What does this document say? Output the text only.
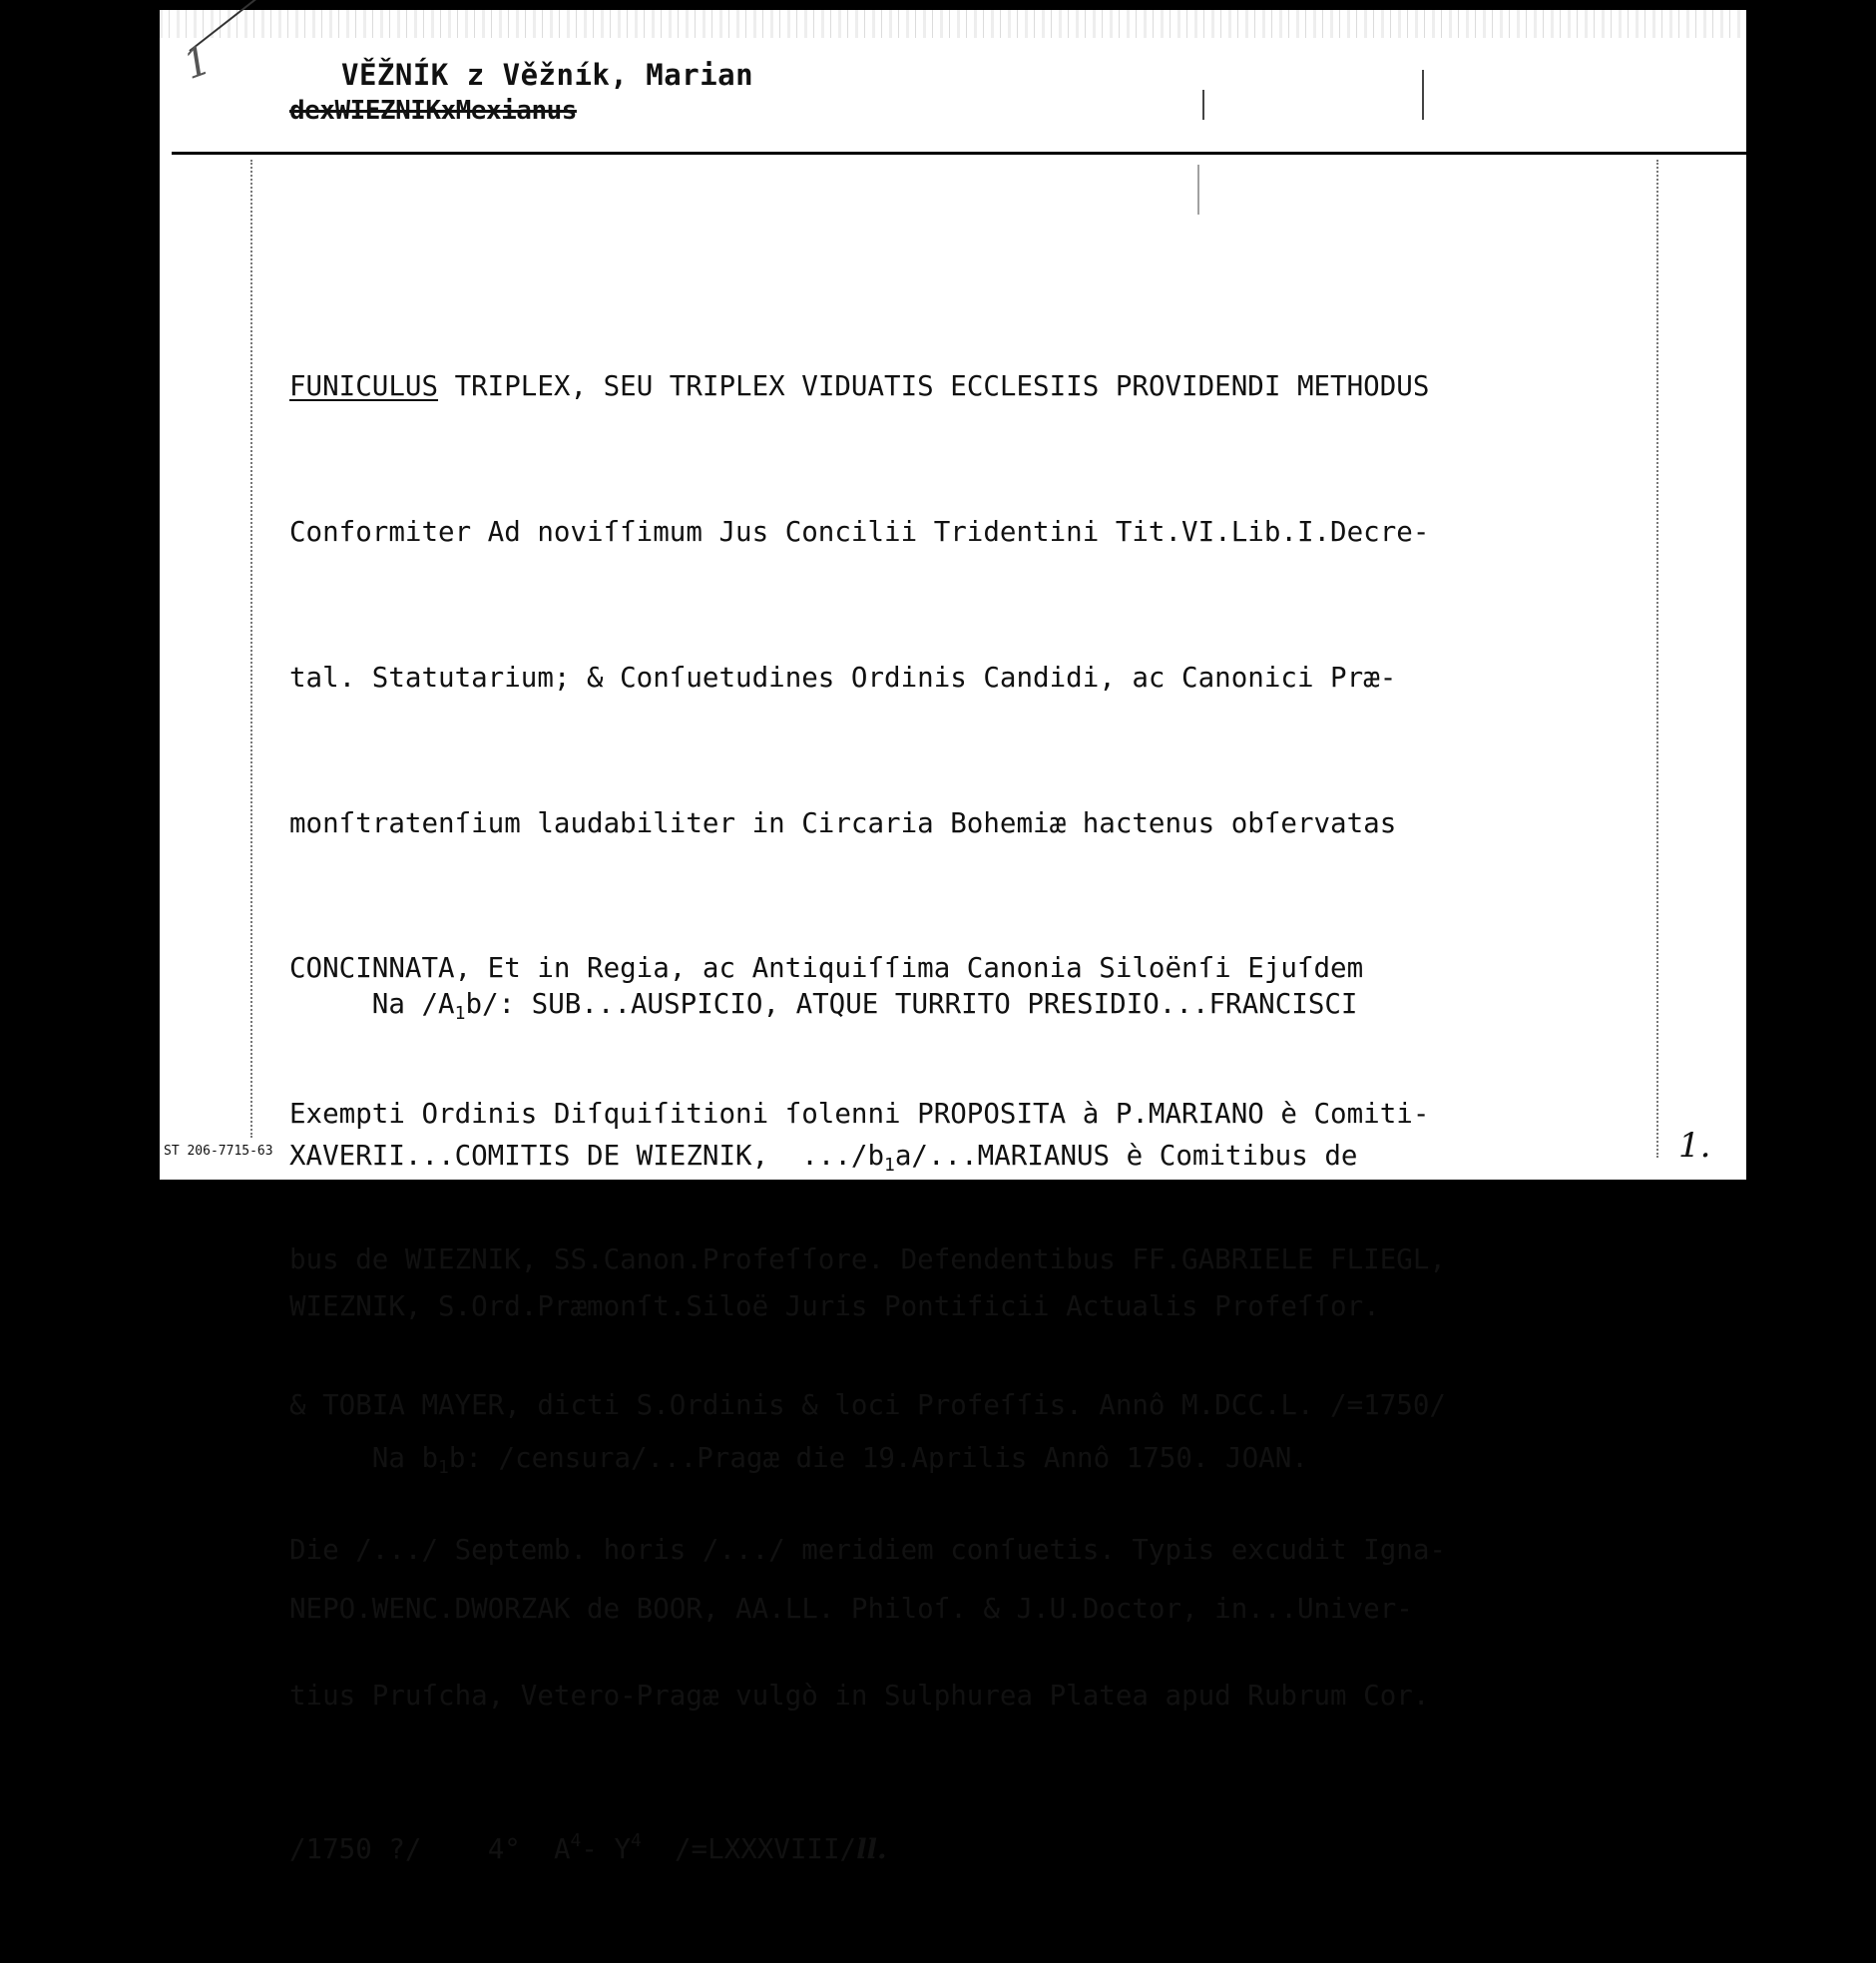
1	VĚŽNÍK z Věžník, Marian
dexWIEZNIKxMexianus

FUNICULUS TRIPLEX, SEU TRIPLEX VIDUATIS ECCLESIIS PROVIDENDI METHODUS

Conformiter Ad noviſſimum Jus Concilii Tridentini Tit.VI.Lib.I.Decre-

tal. Statutarium; & Conſuetudines Ordinis Candidi, ac Canonici Præ-

monſtratenſium laudabiliter in Circaria Bohemiæ hactenus obſervatas

CONCINNATA, Et in Regia, ac Antiquiſſima Canonia Siloënſi Ejuſdem

Exempti Ordinis Diſquiſitioni ſolenni PROPOSITA à P.MARIANO è Comiti-

bus de WIEZNIK, SS.Canon.Profeſſore. Defendentibus FF.GABRIELE FLIEGL,

& TOBIA MAYER, dicti S.Ordinis & loci Profeſſis. Annô M.DCC.L. /=1750/

Die /.../ Septemb. horis /.../ meridiem conſuetis. Typis excudit Igna-

tius Pruſcha, Vetero-Pragæ vulgò in Sulphurea Platea apud Rubrum Cor.

/1750 ?/ 4° $A^4-$ $Y^4$ /=LXXXVIII/ll.

Na $/A_1b/$: SUB...AUSPICIO, ATQUE TURRITO PRESIDIO...FRANCISCI

XAVERII...COMITIS DE WIEZNIK,  $.../b_1a/...MARIANUS$ è Comitibus de

WIEZNIK, S.Ord.Præmonſt.Siloë Juris Pontificii Actualis Profeſſor.

Na $b_1b$: /censura/...Pragæ die 19.Aprilis Annô 1750. JOAN.

NEPO.WENC.DWORZAK de BOOR, AA.LL. Philoſ. & J.U.Doctor, in...Univer-

ST 206-7715-63	1.
